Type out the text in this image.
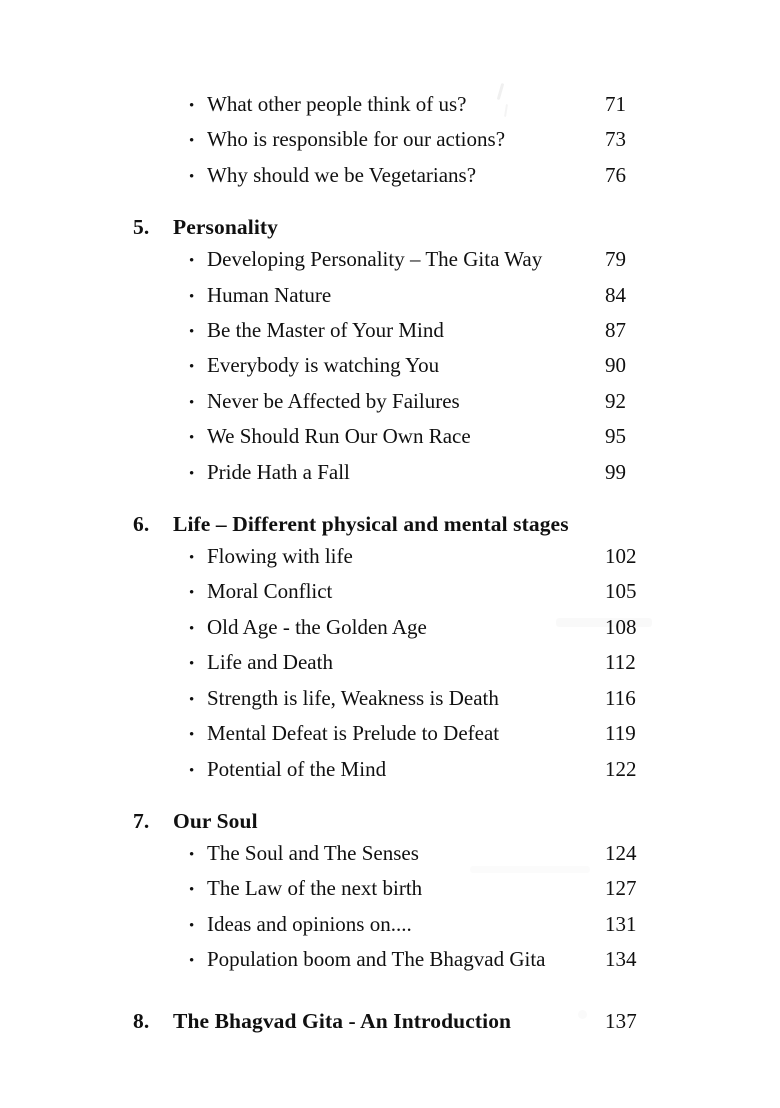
• What other people think of us?	71
• Who is responsible for our actions?	73
• Why should we be Vegetarians?	76
5.	Personality
• Developing Personality – The Gita Way	79
• Human Nature	84
• Be the Master of Your Mind	87
• Everybody is watching You	90
• Never be Affected by Failures	92
• We Should Run Our Own Race	95
• Pride Hath a Fall	99
6.	Life – Different physical and mental stages
• Flowing with life	102
• Moral Conflict	105
• Old Age - the Golden Age	108
• Life and Death	112
• Strength is life, Weakness is Death	116
• Mental Defeat is Prelude to Defeat	119
• Potential of the Mind	122
7.	Our Soul
• The Soul and The Senses	124
• The Law of the next birth	127
• Ideas and opinions on....	131
• Population boom and The Bhagvad Gita	134
8.	The Bhagvad Gita - An Introduction	137
